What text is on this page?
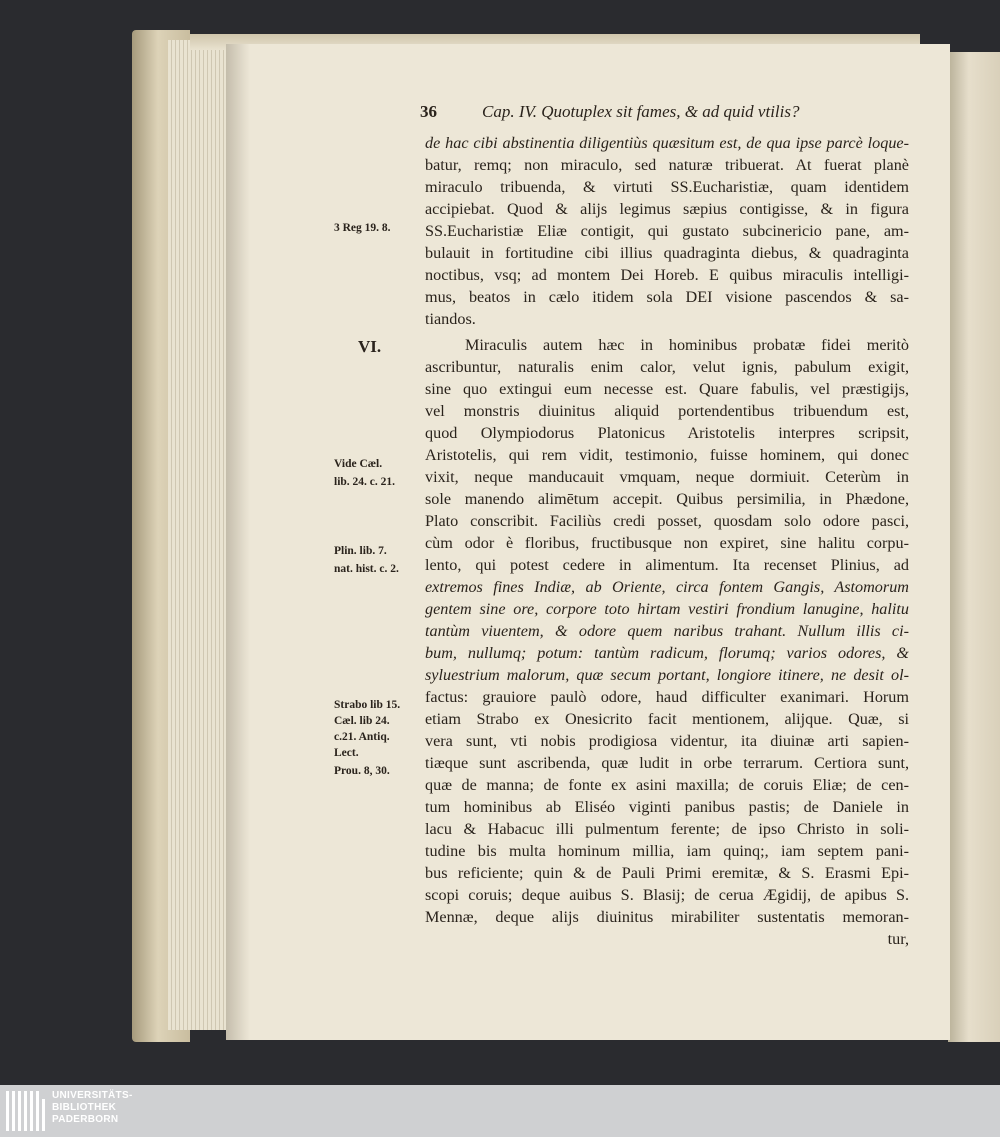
36	Cap. IV. Quotuplex sit fames, & ad quid vtilis?
VI.
3 Reg 19. 8.
Vide Cæl.
lib. 24. c. 21.
Plin. lib. 7.
nat. hist. c. 2.
Strabo lib 15.
Cæl. lib 24.
c.21. Antiq.
Lect.
Prou. 8, 30.
de hac cibi abstinentia diligentiùs quæsitum est, de qua ipse parcè loque-
batur, remq; non miraculo, sed naturæ tribuerat. At fuerat planè
miraculo tribuenda, & virtuti SS.Eucharistiæ, quam identidem
accipiebat. Quod & alijs legimus sæpius contigisse, & in figura
SS.Eucharistiæ Eliæ contigit, qui gustato subcinericio pane, am-
bulauit in fortitudine cibi illius quadraginta diebus, & quadraginta
noctibus, vsq; ad montem Dei Horeb. E quibus miraculis intelligi-
mus, beatos in cælo itidem sola DEI visione pascendos & sa-
tiandos.
Miraculis autem hæc in hominibus probatæ fidei meritò
ascribuntur, naturalis enim calor, velut ignis, pabulum exigit,
sine quo extingui eum necesse est. Quare fabulis, vel præstigijs,
vel monstris diuinitus aliquid portendentibus tribuendum est,
quod Olympiodorus Platonicus Aristotelis interpres scripsit,
Aristotelis, qui rem vidit, testimonio, fuisse hominem, qui donec
vixit, neque manducauit vmquam, neque dormiuit. Ceterùm in
sole manendo alimētum accepit. Quibus persimilia, in Phædone,
Plato conscribit. Faciliùs credi posset, quosdam solo odore pasci,
cùm odor è floribus, fructibusque non expiret, sine halitu corpu-
lento, qui potest cedere in alimentum. Ita recenset Plinius, ad
extremos fines Indiæ, ab Oriente, circa fontem Gangis, Astomorum
gentem sine ore, corpore toto hirtam vestiri frondium lanugine, halitu
tantùm viuentem, & odore quem naribus trahant. Nullum illis ci-
bum, nullumq; potum: tantùm radicum, florumq; varios odores, &
syluestrium malorum, quæ secum portant, longiore itinere, ne desit ol-
factus: grauiore paulò odore, haud difficulter exanimari. Horum
etiam Strabo ex Onesicrito facit mentionem, alijque. Quæ, si
vera sunt, vti nobis prodigiosa videntur, ita diuinæ arti sapien-
tiæque sunt ascribenda, quæ ludit in orbe terrarum. Certiora sunt,
quæ de manna; de fonte ex asini maxilla; de coruis Eliæ; de cen-
tum hominibus ab Eliséo viginti panibus pastis; de Daniele in
lacu & Habacuc illi pulmentum ferente; de ipso Christo in soli-
tudine bis multa hominum millia, iam quinq;, iam septem pani-
bus reficiente; quin & de Pauli Primi eremitæ, & S. Erasmi Epi-
scopi coruis; deque auibus S. Blasij; de cerua Ægidij, de apibus S.
Mennæ, deque alijs diuinitus mirabiliter sustentatis memoran-
tur,
UNIVERSITÄTS-
BIBLIOTHEK
PADERBORN
